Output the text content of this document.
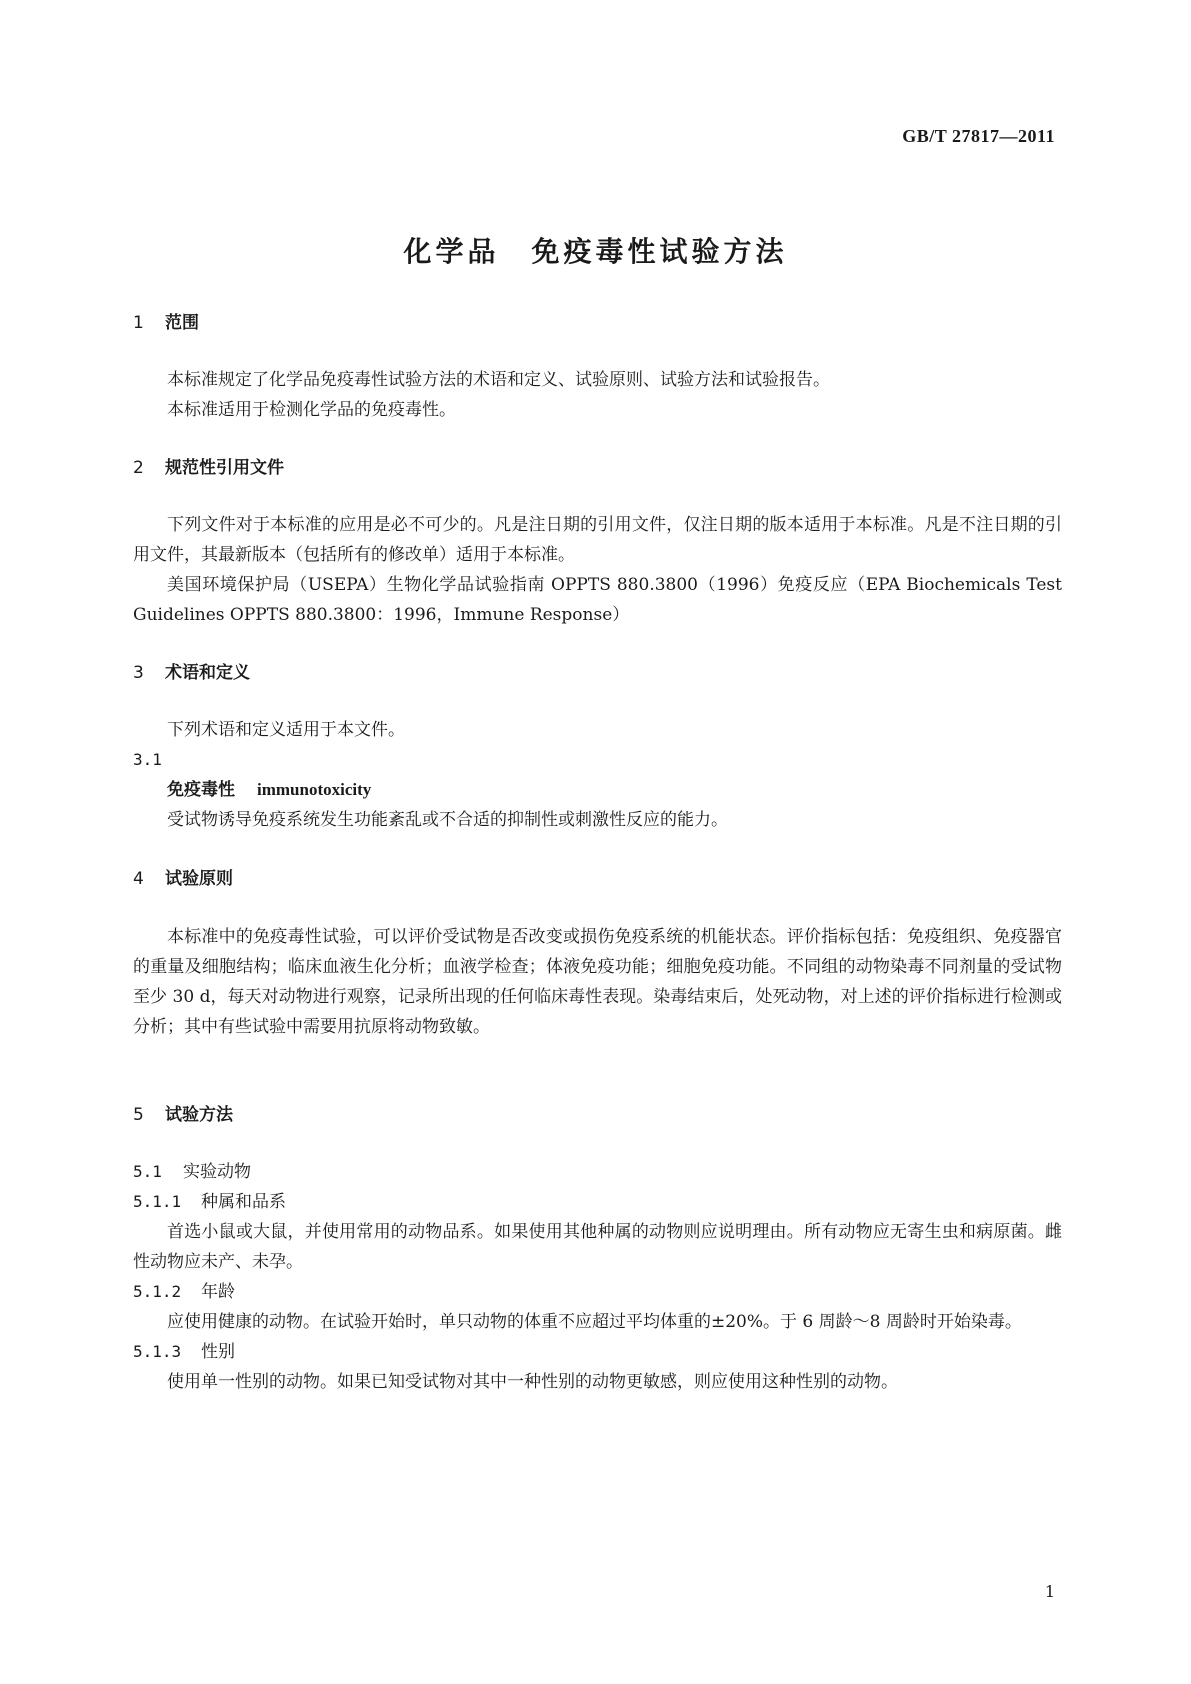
GB/T 27817—2011
化学品　免疫毒性试验方法
1 范围

本标准规定了化学品免疫毒性试验方法的术语和定义、试验原则、试验方法和试验报告。

本标准适用于检测化学品的免疫毒性。

2 规范性引用文件

下列文件对于本标准的应用是必不可少的。凡是注日期的引用文件，仅注日期的版本适用于本标准。凡是不注日期的引用文件，其最新版本（包括所有的修改单）适用于本标准。

美国环境保护局（USEPA）生物化学品试验指南 OPPTS 880.3800（1996）免疫反应（EPA Biochemicals Test Guidelines OPPTS 880.3800：1996，Immune Response）

3 术语和定义

下列术语和定义适用于本文件。

3.1
免疫毒性 immunotoxicity

受试物诱导免疫系统发生功能紊乱或不合适的抑制性或刺激性反应的能力。

4 试验原则

本标准中的免疫毒性试验，可以评价受试物是否改变或损伤免疫系统的机能状态。评价指标包括：免疫组织、免疫器官的重量及细胞结构；临床血液生化分析；血液学检查；体液免疫功能；细胞免疫功能。不同组的动物染毒不同剂量的受试物至少 30 d，每天对动物进行观察，记录所出现的任何临床毒性表现。染毒结束后，处死动物，对上述的评价指标进行检测或分析；其中有些试验中需要用抗原将动物致敏。

5 试验方法
5.1 实验动物
5.1.1 种属和品系

首选小鼠或大鼠，并使用常用的动物品系。如果使用其他种属的动物则应说明理由。所有动物应无寄生虫和病原菌。雌性动物应未产、未孕。

5.1.2 年龄

应使用健康的动物。在试验开始时，单只动物的体重不应超过平均体重的±20%。于 6 周龄～8 周龄时开始染毒。

5.1.3 性别

使用单一性别的动物。如果已知受试物对其中一种性别的动物更敏感，则应使用这种性别的动物。

1
